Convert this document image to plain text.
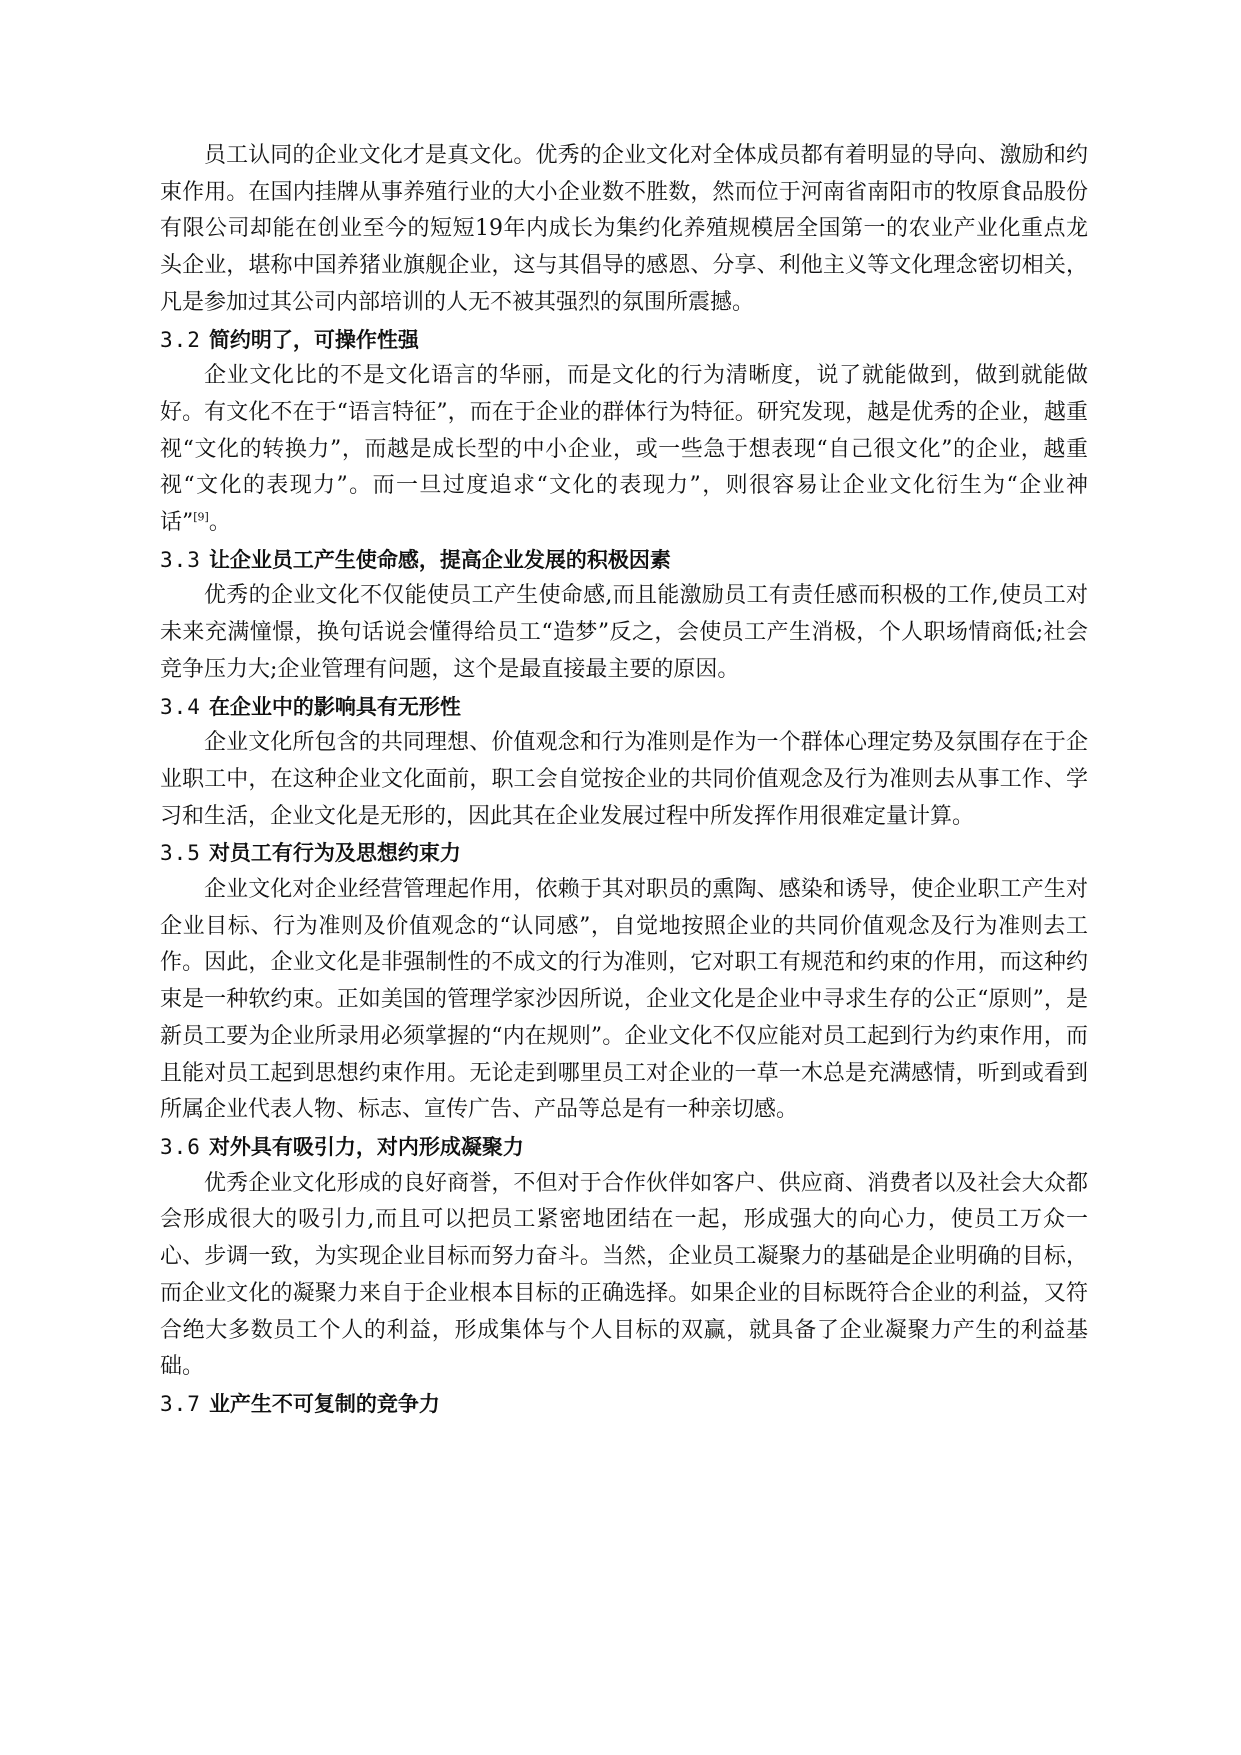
员工认同的企业文化才是真文化。优秀的企业文化对全体成员都有着明显的导向、激励和约束作用。在国内挂牌从事养殖行业的大小企业数不胜数，然而位于河南省南阳市的牧原食品股份有限公司却能在创业至今的短短19年内成长为集约化养殖规模居全国第一的农业产业化重点龙头企业，堪称中国养猪业旗舰企业，这与其倡导的感恩、分享、利他主义等文化理念密切相关，凡是参加过其公司内部培训的人无不被其强烈的氛围所震撼。

3.2 简约明了，可操作性强

企业文化比的不是文化语言的华丽，而是文化的行为清晰度，说了就能做到，做到就能做好。有文化不在于“语言特征”，而在于企业的群体行为特征。研究发现，越是优秀的企业，越重视“文化的转换力”，而越是成长型的中小企业，或一些急于想表现“自己很文化”的企业，越重视“文化的表现力”。而一旦过度追求“文化的表现力”，则很容易让企业文化衍生为“企业神话”[9]。

3.3 让企业员工产生使命感，提高企业发展的积极因素

优秀的企业文化不仅能使员工产生使命感,而且能激励员工有责任感而积极的工作,使员工对未来充满憧憬，换句话说会懂得给员工“造梦”反之，会使员工产生消极，个人职场情商低;社会竞争压力大;企业管理有问题，这个是最直接最主要的原因。

3.4 在企业中的影响具有无形性

企业文化所包含的共同理想、价值观念和行为准则是作为一个群体心理定势及氛围存在于企业职工中，在这种企业文化面前，职工会自觉按企业的共同价值观念及行为准则去从事工作、学习和生活，企业文化是无形的，因此其在企业发展过程中所发挥作用很难定量计算。

3.5 对员工有行为及思想约束力

企业文化对企业经营管理起作用，依赖于其对职员的熏陶、感染和诱导，使企业职工产生对企业目标、行为准则及价值观念的“认同感”，自觉地按照企业的共同价值观念及行为准则去工作。因此，企业文化是非强制性的不成文的行为准则，它对职工有规范和约束的作用，而这种约束是一种软约束。正如美国的管理学家沙因所说，企业文化是企业中寻求生存的公正“原则”，是新员工要为企业所录用必须掌握的“内在规则”。企业文化不仅应能对员工起到行为约束作用，而且能对员工起到思想约束作用。无论走到哪里员工对企业的一草一木总是充满感情，听到或看到所属企业代表人物、标志、宣传广告、产品等总是有一种亲切感。

3.6 对外具有吸引力，对内形成凝聚力

优秀企业文化形成的良好商誉，不但对于合作伙伴如客户、供应商、消费者以及社会大众都会形成很大的吸引力,而且可以把员工紧密地团结在一起，形成强大的向心力，使员工万众一心、步调一致，为实现企业目标而努力奋斗。当然，企业员工凝聚力的基础是企业明确的目标，而企业文化的凝聚力来自于企业根本目标的正确选择。如果企业的目标既符合企业的利益，又符合绝大多数员工个人的利益，形成集体与个人目标的双赢，就具备了企业凝聚力产生的利益基础。

3.7 业产生不可复制的竞争力
